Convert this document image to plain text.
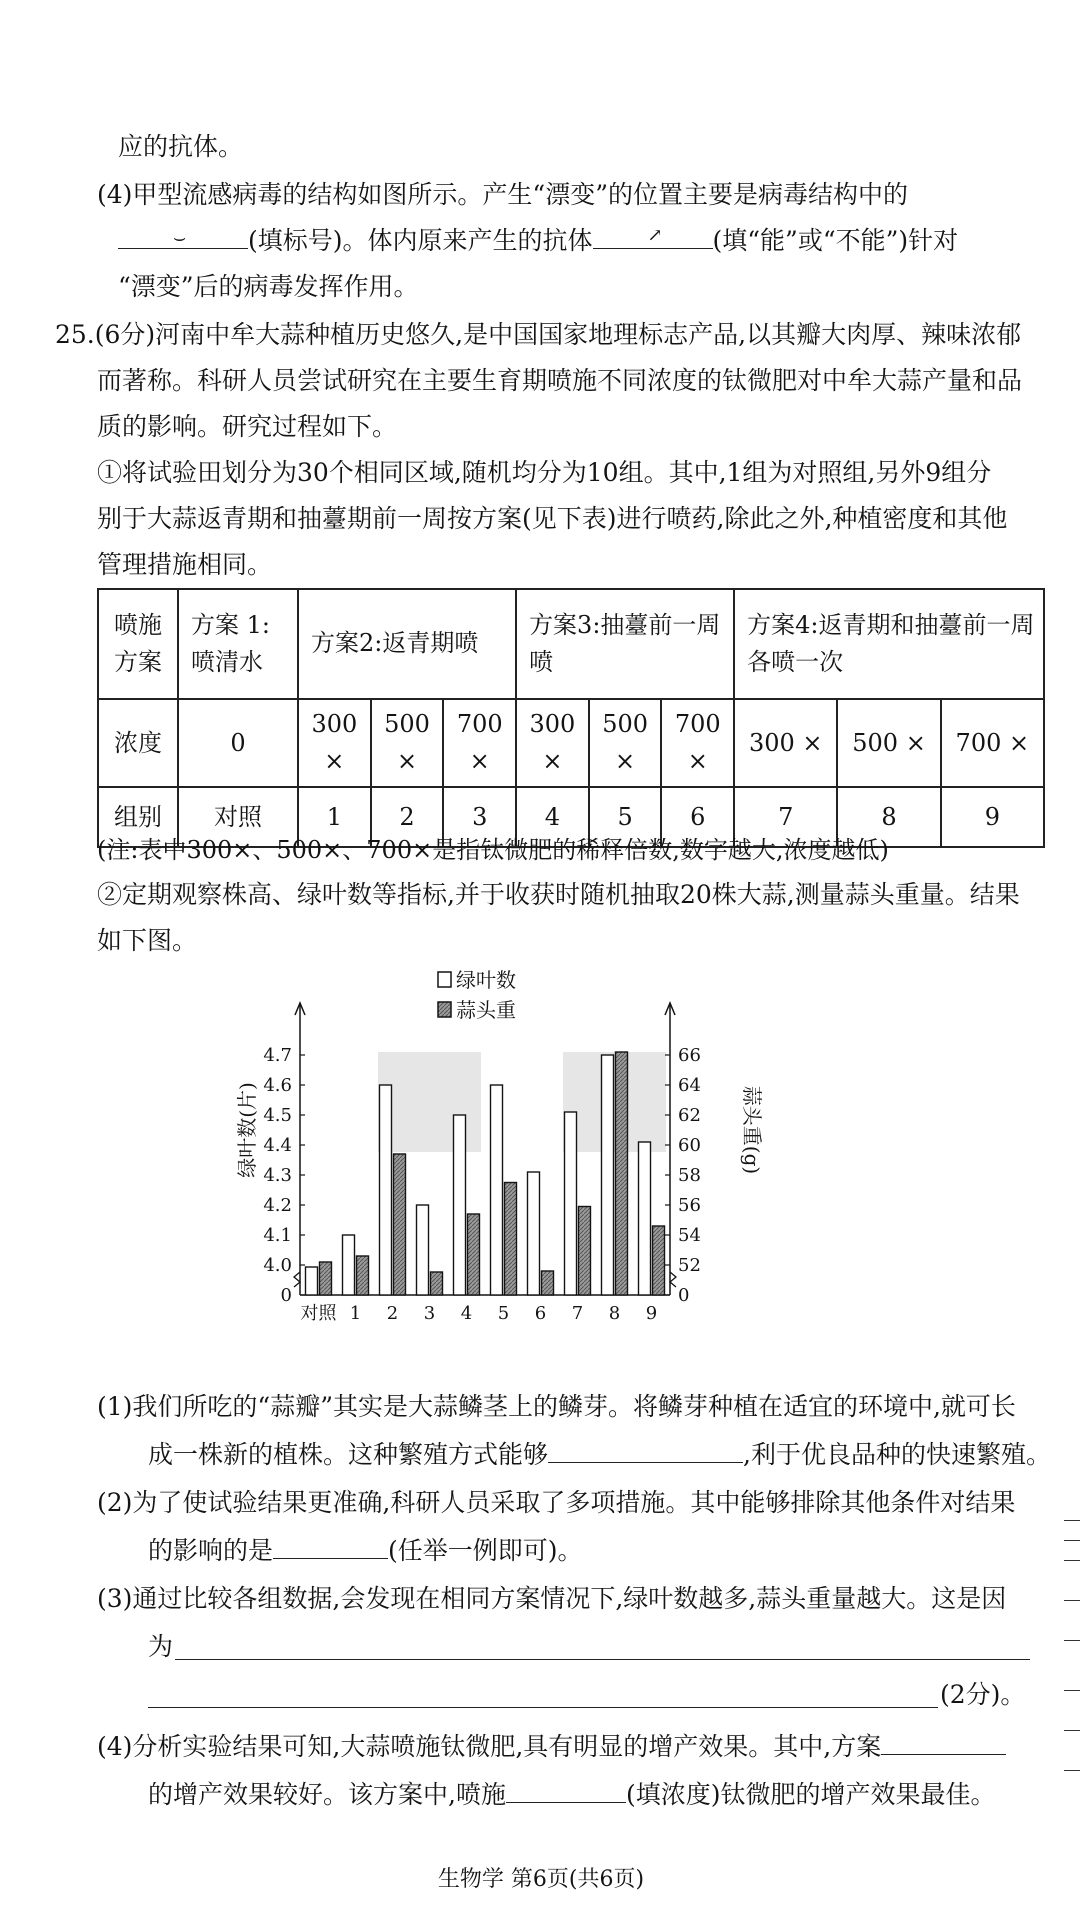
应的抗体。
(4)甲型流感病毒的结构如图所示。产生“漂变”的位置主要是病毒结构中的
⌣ (填标号)。体内原来产生的抗体	↗ (填“能”或“不能”)针对
“漂变”后的病毒发挥作用。
25.(6分)河南中牟大蒜种植历史悠久,是中国国家地理标志产品,以其瓣大肉厚、辣味浓郁
而著称。科研人员尝试研究在主要生育期喷施不同浓度的钛微肥对中牟大蒜产量和品
质的影响。研究过程如下。
①将试验田划分为30个相同区域,随机均分为10组。其中,1组为对照组,另外9组分
别于大蒜返青期和抽薹期前一周按方案(见下表)进行喷药,除此之外,种植密度和其他
管理措施相同。
喷施方案	方案 1:喷清水	方案2:返青期喷			方案3:抽薹前一周喷			方案4:返青期和抽薹前一周各喷一次		
浓度	0	300 ×	500 ×	700 ×	300 ×	500 ×	700 ×	300 ×	500 ×	700 ×
组别	对照	1	2	3	4	5	6	7	8	9
(注:表中300×、500×、700×是指钛微肥的稀释倍数,数字越大,浓度越低)
②定期观察株高、绿叶数等指标,并于收获时随机抽取20株大蒜,测量蒜头重量。结果
如下图。
0
4.0
4.1
4.2
4.3
4.4
4.5
4.6
4.7
0
52
54
56
58
60
62
64
66
绿叶数(片)	蒜头重(g)
对照 1 2 3 4 5 6 7 8 9
绿叶数
蒜头重
(1)我们所吃的“蒜瓣”其实是大蒜鳞茎上的鳞芽。将鳞芽种植在适宜的环境中,就可长
成一株新的植株。这种繁殖方式能够	,利于优良品种的快速繁殖。
(2)为了使试验结果更准确,科研人员采取了多项措施。其中能够排除其他条件对结果
的影响的是	(任举一例即可)。
(3)通过比较各组数据,会发现在相同方案情况下,绿叶数越多,蒜头重量越大。这是因
为
(2分)。
(4)分析实验结果可知,大蒜喷施钛微肥,具有明显的增产效果。其中,方案
的增产效果较好。该方案中,喷施	(填浓度)钛微肥的增产效果最佳。
生物学 第6页(共6页)
